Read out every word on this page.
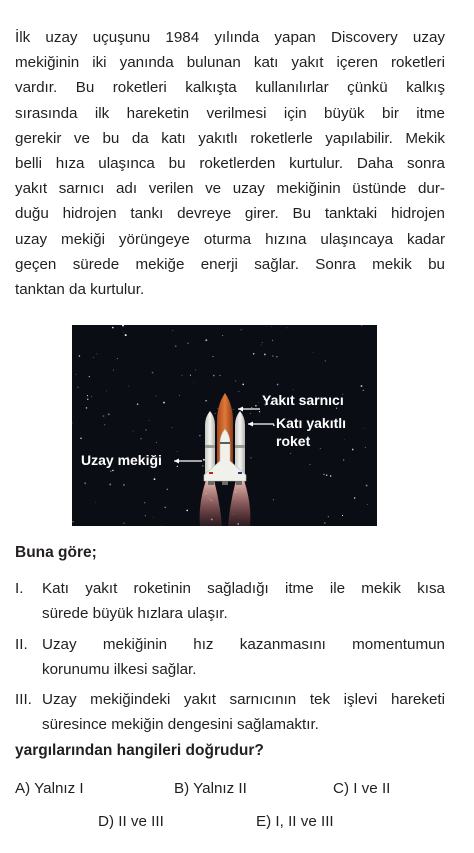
İlk uzay uçuşunu 1984 yılında yapan Discovery uzay
mekiğinin iki yanında bulunan katı yakıt içeren roketleri
vardır. Bu roketleri kalkışta kullanılırlar çünkü kalkış
sırasında ilk hareketin verilmesi için büyük bir itme
gerekir ve bu da katı yakıtlı roketlerle yapılabilir. Mekik
belli hıza ulaşınca bu roketlerden kurtulur. Daha sonra
yakıt sarnıcı adı verilen ve uzay mekiğinin üstünde dur-
duğu hidrojen tankı devreye girer. Bu tanktaki hidrojen
uzay mekiği yörüngeye oturma hızına ulaşıncaya kadar
geçen sürede mekiğe enerji sağlar. Sonra mekik bu
tanktan da kurtulur.
Yakıt sarnıcı
Katı yakıtlı
roket
Uzay mekiği
Buna göre;
I. Katı yakıt roketinin sağladığı itme ile mekik kısa
sürede büyük hızlara ulaşır.
II. Uzay mekiğinin hız kazanmasını momentumun
korunumu ilkesi sağlar.
III. Uzay mekiğindeki yakıt sarnıcının tek işlevi hareketi
süresince mekiğin dengesini sağlamaktır.
yargılarından hangileri doğrudur?
A) Yalnız I	B) Yalnız II	C) I ve II
D) II ve III	E) I, II ve III
